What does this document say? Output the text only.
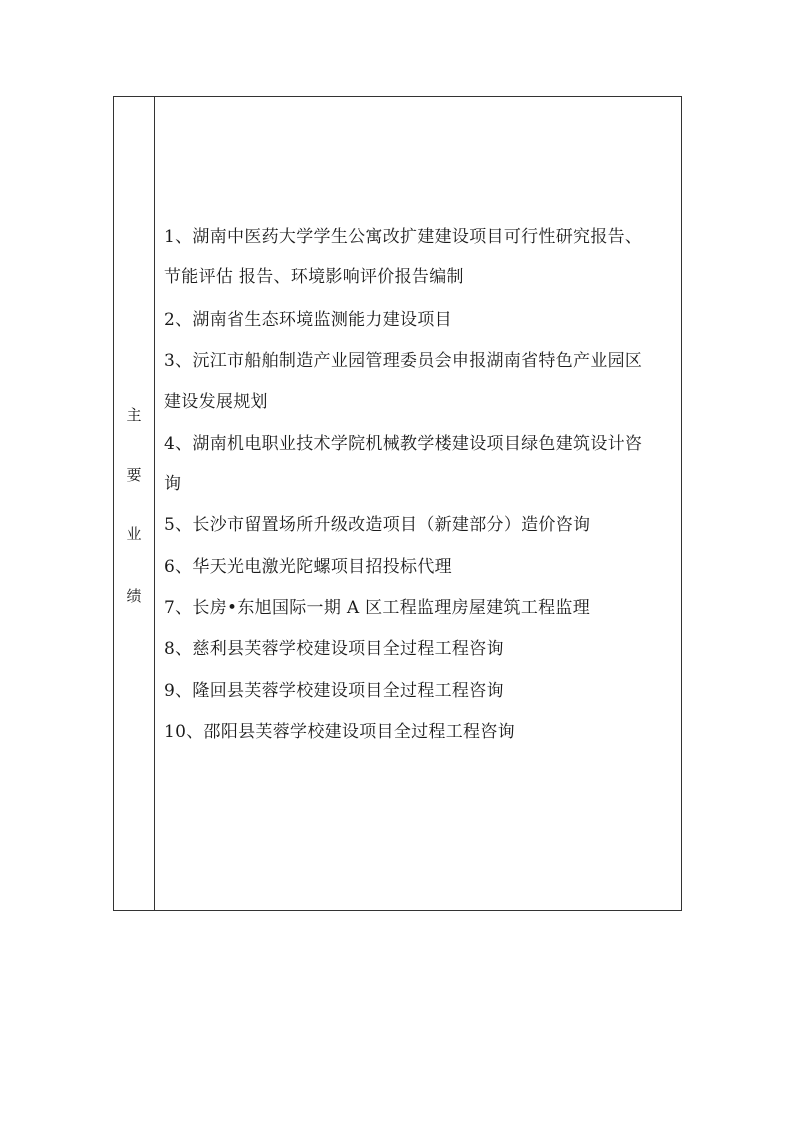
主
要
业
绩
1、湖南中医药大学学生公寓改扩建建设项目可行性研究报告、
节能评估 报告、环境影响评价报告编制
2、湖南省生态环境监测能力建设项目
3、沅江市船舶制造产业园管理委员会申报湖南省特色产业园区
建设发展规划
4、湖南机电职业技术学院机械教学楼建设项目绿色建筑设计咨
询
5、长沙市留置场所升级改造项目（新建部分）造价咨询
6、华天光电激光陀螺项目招投标代理
7、长房•东旭国际一期 A 区工程监理房屋建筑工程监理
8、慈利县芙蓉学校建设项目全过程工程咨询
9、隆回县芙蓉学校建设项目全过程工程咨询
10、邵阳县芙蓉学校建设项目全过程工程咨询
